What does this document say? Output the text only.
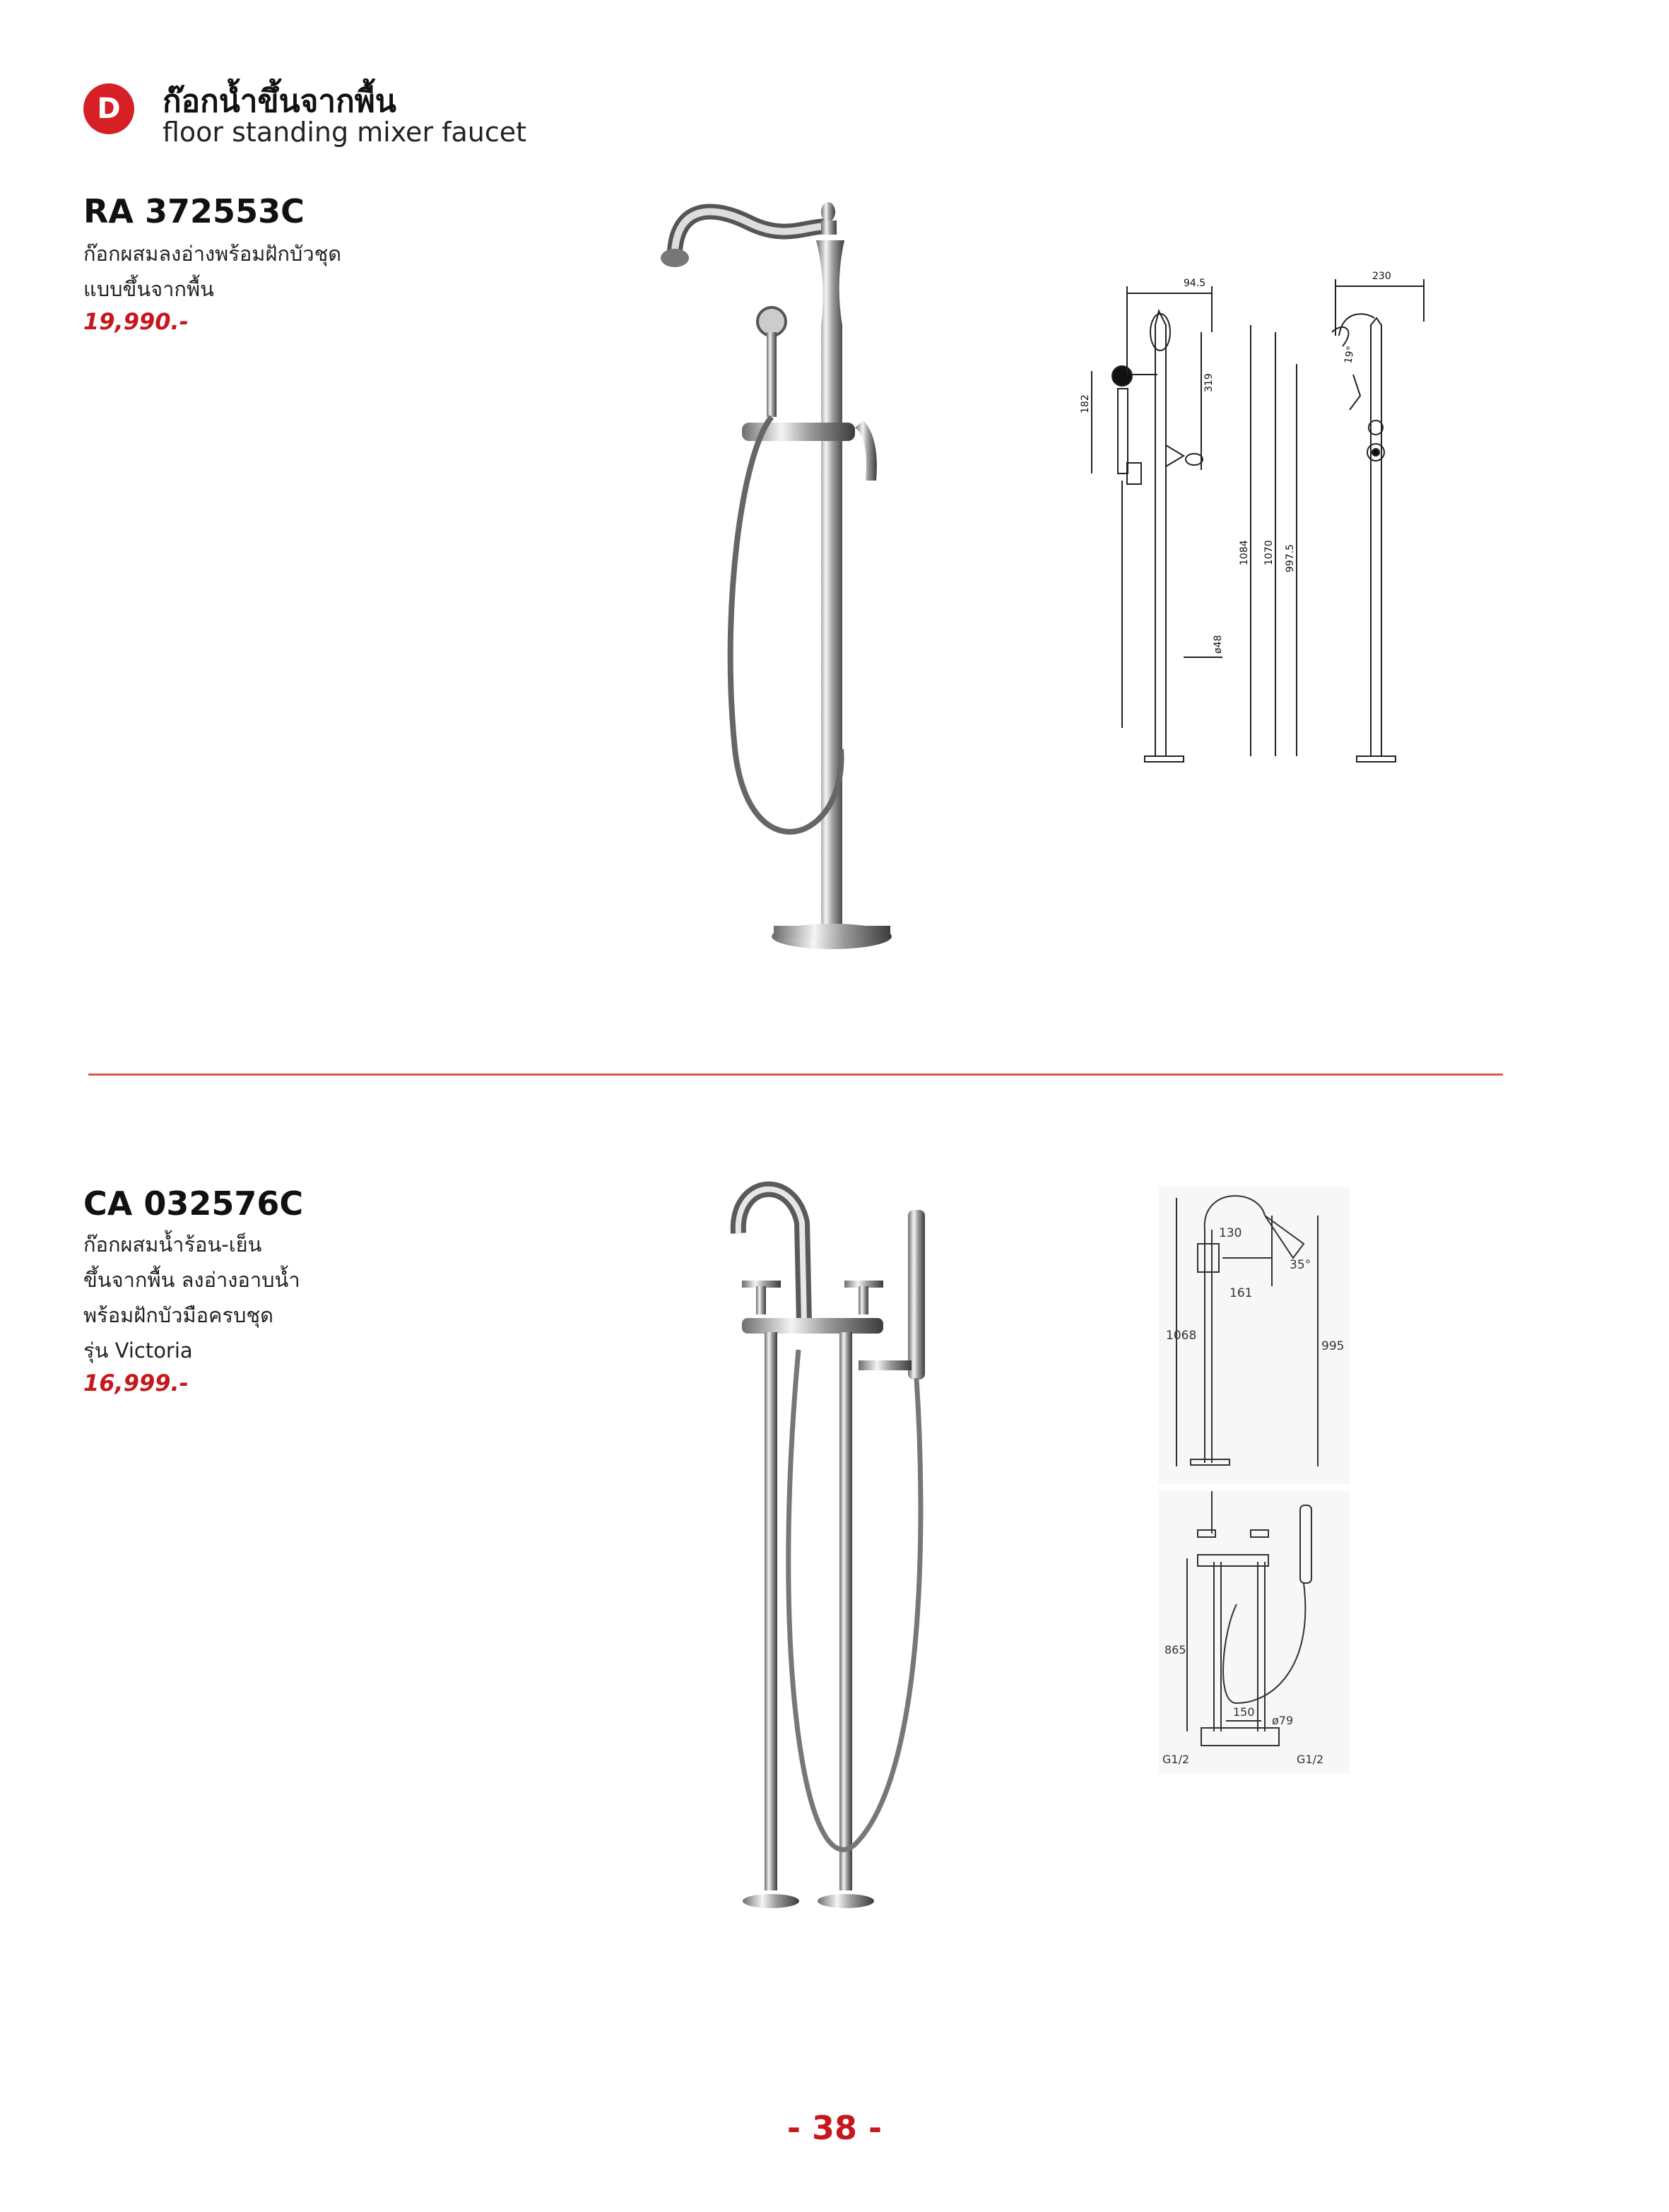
D	ก๊อกน้ำขึ้นจากพื้น
floor standing mixer faucet
RA 372553C
ก๊อกผสมลงอ่างพร้อมฝักบัวชุด
แบบขึ้นจากพื้น
19,990.-
94.5
230
182
319
19°
1084 1070 997.5
ø48
CA 032576C
ก๊อกผสมน้ำร้อน-เย็น
ขึ้นจากพื้น ลงอ่างอาบน้ำ
พร้อมฝักบัวมือครบชุด
รุ่น Victoria
16,999.-
130
35°
161
1068
995
865
150
ø79
G1/2	G1/2
- 38 -
